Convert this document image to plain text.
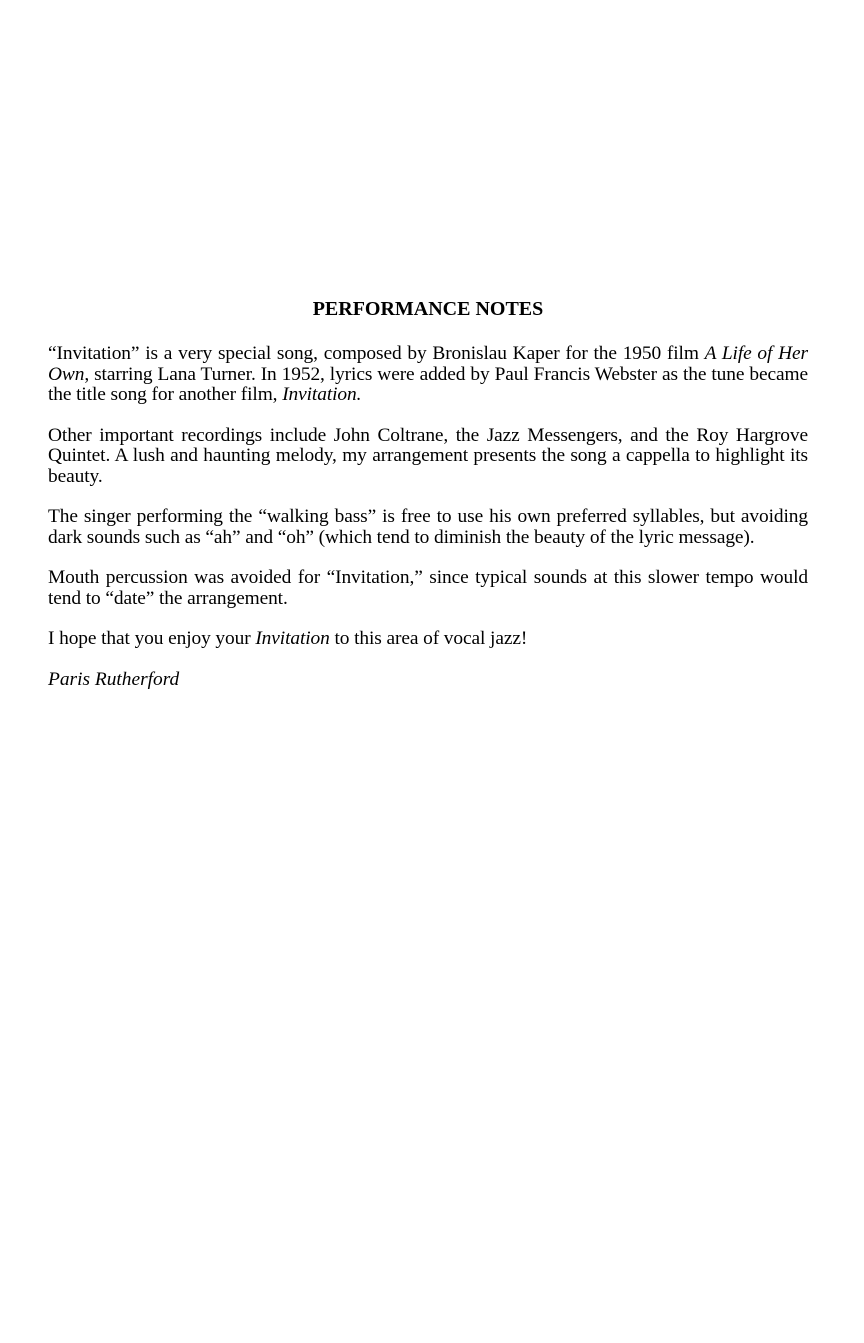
PERFORMANCE NOTES

“Invitation” is a very special song, composed by Bronislau Kaper for the 1950 film A Life of Her Own, starring Lana Turner. In 1952, lyrics were added by Paul Francis Webster as the tune became the title song for another film, Invitation.

Other important recordings include John Coltrane, the Jazz Messengers, and the Roy Hargrove Quintet. A lush and haunting melody, my arrangement presents the song a cappella to highlight its beauty.

The singer performing the “walking bass” is free to use his own preferred syllables, but avoiding dark sounds such as “ah” and “oh” (which tend to diminish the beauty of the lyric message).

Mouth percussion was avoided for “Invitation,” since typical sounds at this slower tempo would tend to “date” the arrangement.

I hope that you enjoy your Invitation to this area of vocal jazz!

Paris Rutherford
